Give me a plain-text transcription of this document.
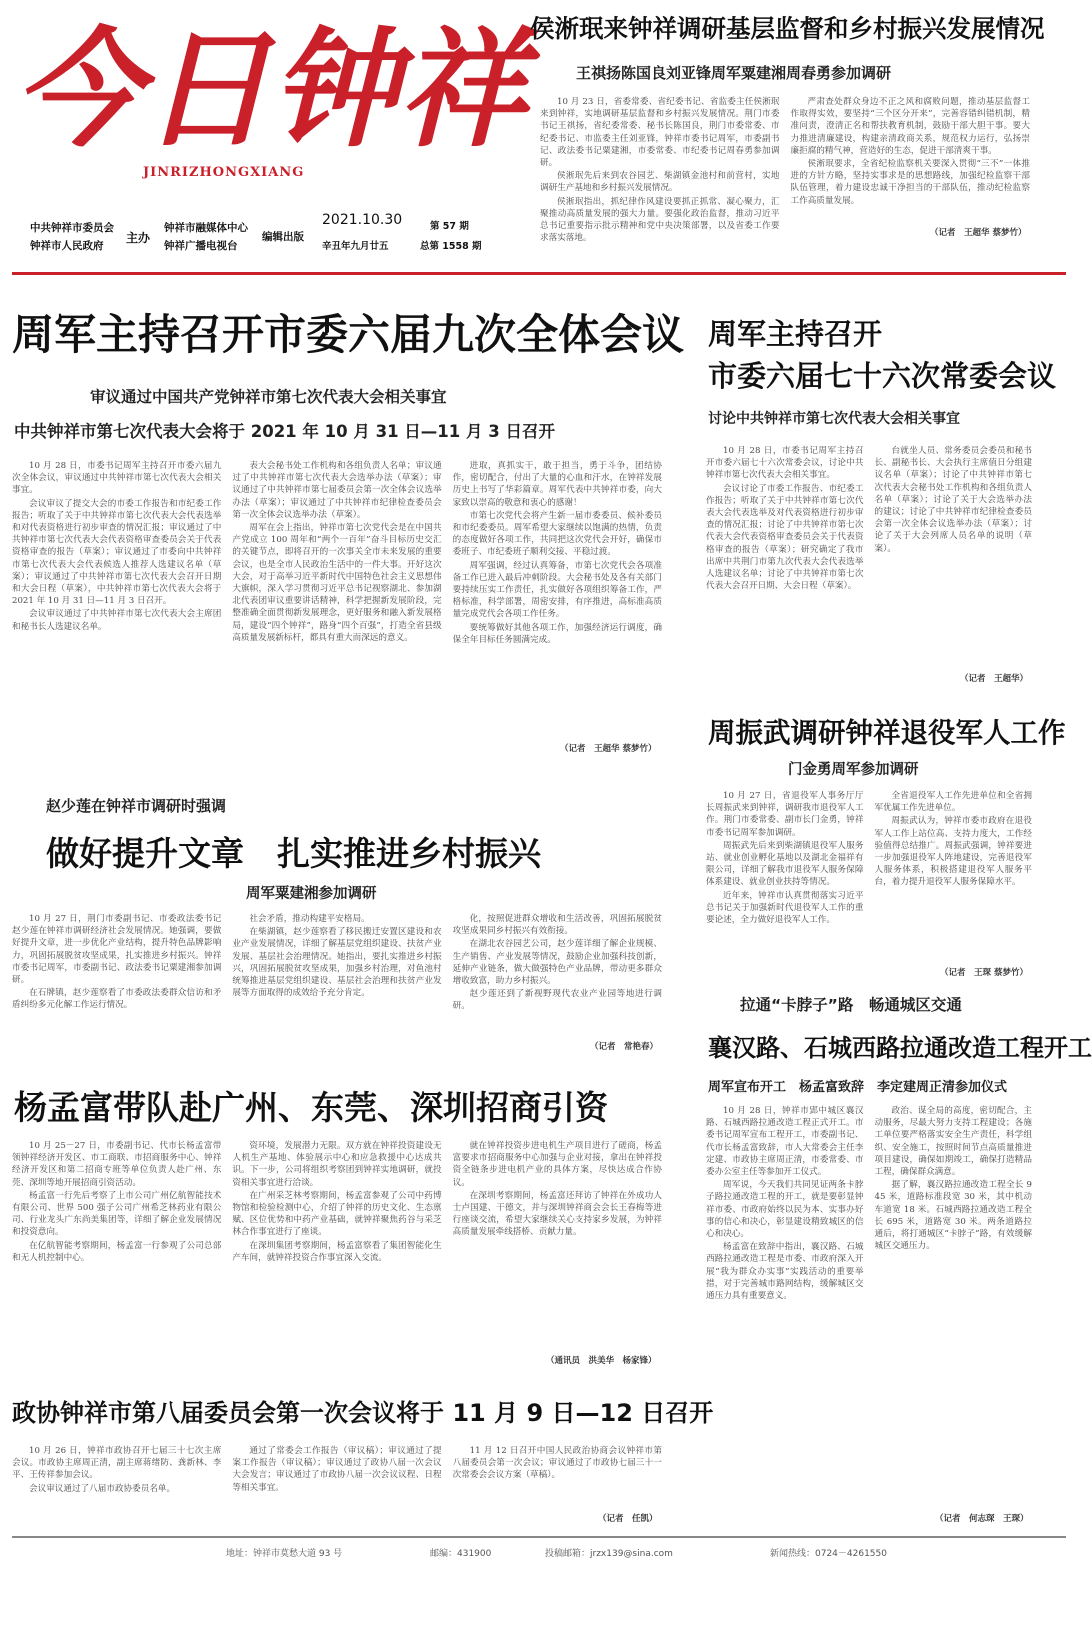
今日钟祥
JINRIZHONGXIANG
中共钟祥市委员会
钟祥市人民政府
主办
钟祥市融媒体中心
钟祥广播电视台
编辑出版
2021.10.30
辛丑年九月廿五
第 57 期
总第 1558 期
侯淅珉来钟祥调研基层监督和乡村振兴发展情况
王祺扬陈国良刘亚锋周军粟建湘周春勇参加调研

10 月 23 日，省委常委、省纪委书记、省监委主任侯淅珉来到钟祥，实地调研基层监督和乡村振兴发展情况。荆门市委书记王祺扬，省纪委常委、秘书长陈国良，荆门市委常委、市纪委书记、市监委主任刘亚锋，钟祥市委书记周军，市委副书记、政法委书记粟建湘，市委常委、市纪委书记周春勇参加调研。

侯淅珉先后来到农谷园艺、柴湖镇金池村和前营村，实地调研生产基地和乡村振兴发展情况。

侯淅珉指出，抓纪律作风建设要抓正抓常、凝心聚力，汇聚推动高质量发展的强大力量。要强化政治监督，推动习近平总书记重要指示批示精神和党中央决策部署，以及省委工作要求落实落地。

严肃查处群众身边不正之风和腐败问题，推动基层监督工作取得实效，要坚持“三个区分开来”，完善容错纠错机制，精准问责，澄清正名和帮扶教育机制，鼓励干部大胆干事。要大力推进清廉建设，构建亲清政商关系，规范权力运行，弘扬崇廉拒腐的精气神，营造好的生态，促进干部清爽干事。

侯淅珉要求，全省纪检监察机关要深入贯彻“三不”一体推进的方针方略，坚持实事求是的思想路线，加强纪检监察干部队伍管理，着力建设忠诚干净担当的干部队伍，推动纪检监察工作高质量发展。

（记者　王超华 蔡梦竹）
周军主持召开市委六届九次全体会议
审议通过中国共产党钟祥市第七次代表大会相关事宜
中共钟祥市第七次代表大会将于 2021 年 10 月 31 日—11 月 3 日召开

10 月 28 日，市委书记周军主持召开市委六届九次全体会议，审议通过中共钟祥市第七次代表大会相关事宜。

会议审议了提交大会的市委工作报告和市纪委工作报告；听取了关于中共钟祥市第七次代表大会代表选举和对代表资格进行初步审查的情况汇报；审议通过了中共钟祥市第七次代表大会代表资格审查委员会关于代表资格审查的报告（草案）；审议通过了市委向中共钟祥市第七次代表大会代表候选人推荐人选建议名单（草案）；审议通过了中共钟祥市第七次代表大会召开日期和大会日程（草案），中共钟祥市第七次代表大会将于 2021 年 10 月 31 日—11 月 3 日召开。

会议审议通过了中共钟祥市第七次代表大会主席团和秘书长人选建议名单。

表大会秘书处工作机构和各组负责人名单；审议通过了中共钟祥市第七次代表大会选举办法（草案）；审议通过了中共钟祥市第七届委员会第一次全体会议选举办法（草案）；审议通过了中共钟祥市纪律检查委员会第一次全体会议选举办法（草案）。

周军在会上指出，钟祥市第七次党代会是在中国共产党成立 100 周年和“两个一百年”奋斗目标历史交汇的关键节点，即将召开的一次事关全市未来发展的重要会议，也是全市人民政治生活中的一件大事。开好这次大会，对于高举习近平新时代中国特色社会主义思想伟大旗帜，深入学习贯彻习近平总书记视察湖北、参加湖北代表团审议重要讲话精神，科学把握新发展阶段，完整准确全面贯彻新发展理念，更好服务和融入新发展格局，建设“四个钟祥”，路身“四个百强”，打造全省县级高质量发展新标杆，都具有重大而深远的意义。

进取，真抓实干，敢于担当，勇于斗争，团结协作，密切配合，付出了大量的心血和汗水，在钟祥发展历史上书写了华彩篇章。周军代表中共钟祥市委，向大家致以崇高的敬意和衷心的感谢！

市第七次党代会将产生新一届市委委员、候补委员和市纪委委员。周军希望大家继续以饱满的热情，负责的态度做好各项工作，共同把这次党代会开好，确保市委班子、市纪委班子顺利交接、平稳过渡。

周军强调，经过认真筹备，市第七次党代会各项准备工作已进入最后冲刺阶段。大会秘书处及各有关部门要持续压实工作责任，扎实做好各项组织筹备工作，严格标准，科学部署，周密安排，有序推进，高标准高质量完成党代会各项工作任务。

要统筹做好其他各项工作，加强经济运行调度，确保全年目标任务圆满完成。

（记者　王超华 蔡梦竹）
周军主持召开
市委六届七十六次常委会议
讨论中共钟祥市第七次代表大会相关事宜

10 月 28 日，市委书记周军主持召开市委六届七十六次常委会议，讨论中共钟祥市第七次代表大会相关事宜。

会议讨论了市委工作报告、市纪委工作报告；听取了关于中共钟祥市第七次代表大会代表选举及对代表资格进行初步审查的情况汇报；讨论了中共钟祥市第七次代表大会代表资格审查委员会关于代表资格审查的报告（草案）；研究确定了我市出席中共荆门市第九次代表大会代表选举人选建议名单；讨论了中共钟祥市第七次代表大会召开日期、大会日程（草案）。

台就坐人员、常务委员会委员和秘书长、副秘书长、大会执行主席值日分组建议名单（草案）；讨论了中共钟祥市第七次代表大会秘书处工作机构和各组负责人名单（草案）；讨论了关于大会选举办法的建议；讨论了中共钟祥市纪律检查委员会第一次全体会议选举办法（草案）；讨论了关于大会列席人员名单的说明（草案）。

（记者　王超华）
赵少莲在钟祥市调研时强调
做好提升文章　扎实推进乡村振兴
周军粟建湘参加调研

10 月 27 日，荆门市委副书记、市委政法委书记赵少莲在钟祥市调研经济社会发展情况。她强调，要做好提升文章，进一步优化产业结构，提升特色品牌影响力，巩固拓展脱贫攻坚成果，扎实推进乡村振兴。钟祥市委书记周军，市委副书记、政法委书记粟建湘参加调研。

在石牌镇，赵少莲察看了市委政法委群众信访和矛盾纠纷多元化解工作运行情况。

社会矛盾，推动构建平安格局。

在柴湖镇，赵少莲察看了移民搬迁安置区建设和农业产业发展情况，详细了解基层党组织建设、扶贫产业发展、基层社会治理情况。她指出，要扎实推进乡村振兴，巩固拓展脱贫攻坚成果，加强乡村治理，对鱼池村统筹推进基层党组织建设、基层社会治理和扶贫产业发展等方面取得的成效给予充分肯定。

化，按照促进群众增收和生活改善，巩固拓展脱贫攻坚成果同乡村振兴有效衔接。

在湖北农谷园艺公司，赵少莲详细了解企业规模、生产销售、产业发展等情况，鼓励企业加强科技创新，延伸产业链条，做大做强特色产业品牌，带动更多群众增收致富，助力乡村振兴。

赵少莲还到了新视野现代农业产业园等地进行调研。

（记者　常艳春）
周振武调研钟祥退役军人工作
门金勇周军参加调研

10 月 27 日，省退役军人事务厅厅长周振武来到钟祥，调研我市退役军人工作。荆门市委常委、副市长门金勇，钟祥市委书记周军参加调研。

周振武先后来到柴湖镇退役军人服务站、就业创业孵化基地以及湖北金福祥有限公司，详细了解我市退役军人服务保障体系建设、就业创业扶持等情况。

近年来，钟祥市认真贯彻落实习近平总书记关于加强新时代退役军人工作的重要论述，全力做好退役军人工作。

全省退役军人工作先进单位和全省拥军优属工作先进单位。

周振武认为，钟祥市委市政府在退役军人工作上站位高、支持力度大，工作经验值得总结推广。周振武强调，钟祥要进一步加强退役军人阵地建设，完善退役军人服务体系，积极搭建退役军人服务平台，着力提升退役军人服务保障水平。

（记者　王琛 蔡梦竹）
拉通“卡脖子”路　畅通城区交通
襄汉路、石城西路拉通改造工程开工
周军宣布开工　杨孟富致辞　李定建周正清参加仪式

10 月 28 日，钟祥市郢中城区襄汉路、石城西路拉通改造工程正式开工。市委书记周军宣布工程开工，市委副书记、代市长杨孟富致辞，市人大常委会主任李定建、市政协主席周正清，市委常委、市委办公室主任等参加开工仪式。

周军说，今天我们共同见证两条卡脖子路拉通改造工程的开工，就是要彰显钟祥市委、市政府始终以民为本、实事办好事的信心和决心，彰显建设精致城区的信心和决心。

杨孟富在致辞中指出，襄汉路、石城西路拉通改造工程是市委、市政府深入开展“我为群众办实事”实践活动的重要举措，对于完善城市路网结构，缓解城区交通压力具有重要意义。

政治、谋全局的高度，密切配合，主动服务，尽最大努力支持工程建设；各施工单位要严格落实安全生产责任，科学组织、安全施工，按照时间节点高质量推进项目建设，确保如期竣工，确保打造精品工程，确保群众满意。

据了解，襄汉路拉通改造工程全长 945 米，道路标准段宽 30 米，其中机动车道宽 18 米。石城西路拉通改造工程全长 695 米，道路宽 30 米。两条道路拉通后，将打通城区“卡脖子”路，有效缓解城区交通压力。

（记者　何志琛　王琛）
杨孟富带队赴广州、东莞、深圳招商引资

10 月 25－27 日，市委副书记、代市长杨孟富带领钟祥经济开发区、市工商联、市招商服务中心、钟祥经济开发区和第二招商专班等单位负责人赴广州、东莞、深圳等地开展招商引资活动。

杨孟富一行先后考察了上市公司广州亿航智能技术有限公司、世界 500 强子公司广州希芝林药业有限公司、行业龙头广东尚美集团等，详细了解企业发展情况和投资意向。

在亿航智能考察期间，杨孟富一行参观了公司总部和无人机控制中心。

资环境，发展潜力无限。双方就在钟祥投资建设无人机生产基地、体验展示中心和应急救援中心达成共识。下一步，公司将组织考察团到钟祥实地调研，就投资相关事宜进行洽谈。

在广州采芝林考察期间，杨孟富参观了公司中药博物馆和检验检测中心，介绍了钟祥的历史文化、生态禀赋、区位优势和中药产业基础，就钟祥聚焦药谷与采芝林合作事宜进行了座谈。

在深圳集团考察期间，杨孟富察看了集团智能化生产车间，就钟祥投资合作事宜深入交流。

就在钟祥投资步进电机生产项目进行了磋商，杨孟富要求市招商服务中心加强与企业对接，拿出在钟祥投资全链条步进电机产业的具体方案，尽快达成合作协议。

在深圳考察期间，杨孟富还拜访了钟祥在外成功人士卢国建、干德文，并与深圳钟祥商会会长王春梅等进行座谈交流，希望大家继续关心支持家乡发展，为钟祥高质量发展牵线搭桥、贡献力量。

（通讯员　洪美华　杨家锋）
政协钟祥市第八届委员会第一次会议将于 11 月 9 日—12 日召开

10 月 26 日，钟祥市政协召开七届三十七次主席会议。市政协主席周正清，副主席蒋绪防、龚新林、李平、王传祥参加会议。

会议审议通过了八届市政协委员名单。

通过了常委会工作报告（审议稿）；审议通过了提案工作报告（审议稿）；审议通过了政协八届一次会议大会发言；审议通过了市政协八届一次会议议程、日程等相关事宜。

11 月 12 日召开中国人民政治协商会议钟祥市第八届委员会第一次会议；审议通过了市政协七届三十一次常委会会议方案（草稿）。

（记者　任凯）
地址：钟祥市莫愁大道 93 号	邮编：431900	投稿邮箱：jrzx139@sina.com	新闻热线：0724－4261550
